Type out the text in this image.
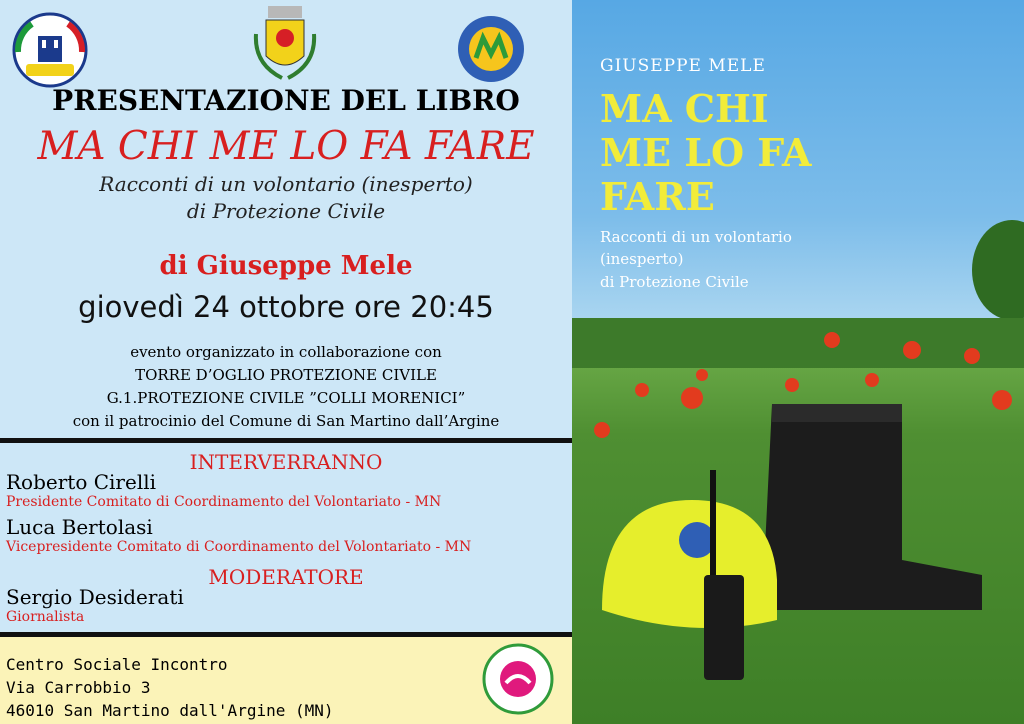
PRESENTAZIONE DEL LIBRO
MA CHI ME LO FA FARE
Racconti di un volontario (inesperto)
di Protezione Civile
di Giuseppe Mele
giovedì 24 ottobre ore 20:45
evento organizzato in collaborazione con
TORRE D’OGLIO PROTEZIONE CIVILE
G.1.PROTEZIONE CIVILE ”COLLI MORENICI”
con il patrocinio del Comune di San Martino dall’Argine
INTERVERRANNO
Roberto Cirelli
Presidente Comitato di Coordinamento del Volontariato - MN
Luca Bertolasi
Vicepresidente Comitato di Coordinamento del Volontariato - MN
MODERATORE
Sergio Desiderati
Giornalista
Centro Sociale Incontro
Via Carrobbio 3
46010 San Martino dall'Argine (MN)
GIUSEPPE MELE
MA CHI
ME LO FA
FARE
Racconti di un volontario
(inesperto)
di Protezione Civile
